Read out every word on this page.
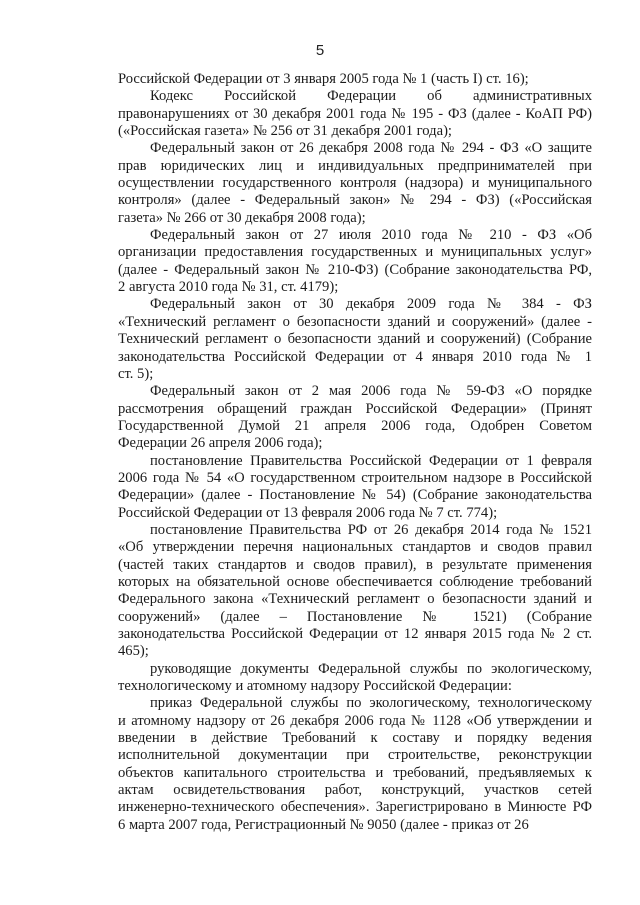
5

Российской Федерации от 3 января 2005 года № 1 (часть I) ст. 16);

Кодекс Российской Федерации об административных
правонарушениях от 30 декабря 2001 года № 195 - ФЗ (далее - КоАП РФ)
(«Российская газета» № 256 от 31 декабря 2001 года);

Федеральный закон от 26 декабря 2008 года № 294 - ФЗ «О защите
прав юридических лиц и индивидуальных предпринимателей при
осуществлении государственного контроля (надзора) и муниципального
контроля» (далее - Федеральный закон» № 294 - ФЗ) («Российская
газета» № 266 от 30 декабря 2008 года);

Федеральный закон от 27 июля 2010 года № 210 - ФЗ «Об
организации предоставления государственных и муниципальных услуг»
(далее - Федеральный закон № 210-ФЗ) (Собрание законодательства РФ,
2 августа 2010 года № 31, ст. 4179);

Федеральный закон от 30 декабря 2009 года № 384 - ФЗ
«Технический регламент о безопасности зданий и сооружений» (далее -
Технический регламент о безопасности зданий и сооружений) (Собрание
законодательства Российской Федерации от 4 января 2010 года № 1
ст. 5);

Федеральный закон от 2 мая 2006 года № 59-ФЗ «О порядке
рассмотрения обращений граждан Российской Федерации» (Принят
Государственной Думой 21 апреля 2006 года, Одобрен Советом
Федерации 26 апреля 2006 года);

постановление Правительства Российской Федерации от 1 февраля
2006 года № 54 «О государственном строительном надзоре в Российской
Федерации» (далее - Постановление № 54) (Собрание законодательства
Российской Федерации от 13 февраля 2006 года № 7 ст. 774);

постановление Правительства РФ от 26 декабря 2014 года № 1521
«Об утверждении перечня национальных стандартов и сводов правил
(частей таких стандартов и сводов правил), в результате применения
которых на обязательной основе обеспечивается соблюдение требований
Федерального закона «Технический регламент о безопасности зданий и
сооружений» (далее – Постановление № 1521) (Собрание
законодательства Российской Федерации от 12 января 2015 года № 2 ст.
465);

руководящие документы Федеральной службы по экологическому,
технологическому и атомному надзору Российской Федерации:

приказ Федеральной службы по экологическому, технологическому
и атомному надзору от 26 декабря 2006 года № 1128 «Об утверждении и
введении в действие Требований к составу и порядку ведения
исполнительной документации при строительстве, реконструкции
объектов капитального строительства и требований, предъявляемых к
актам освидетельствования работ, конструкций, участков сетей
инженерно-технического обеспечения». Зарегистрировано в Минюсте РФ
6 марта 2007 года, Регистрационный № 9050 (далее - приказ от 26
